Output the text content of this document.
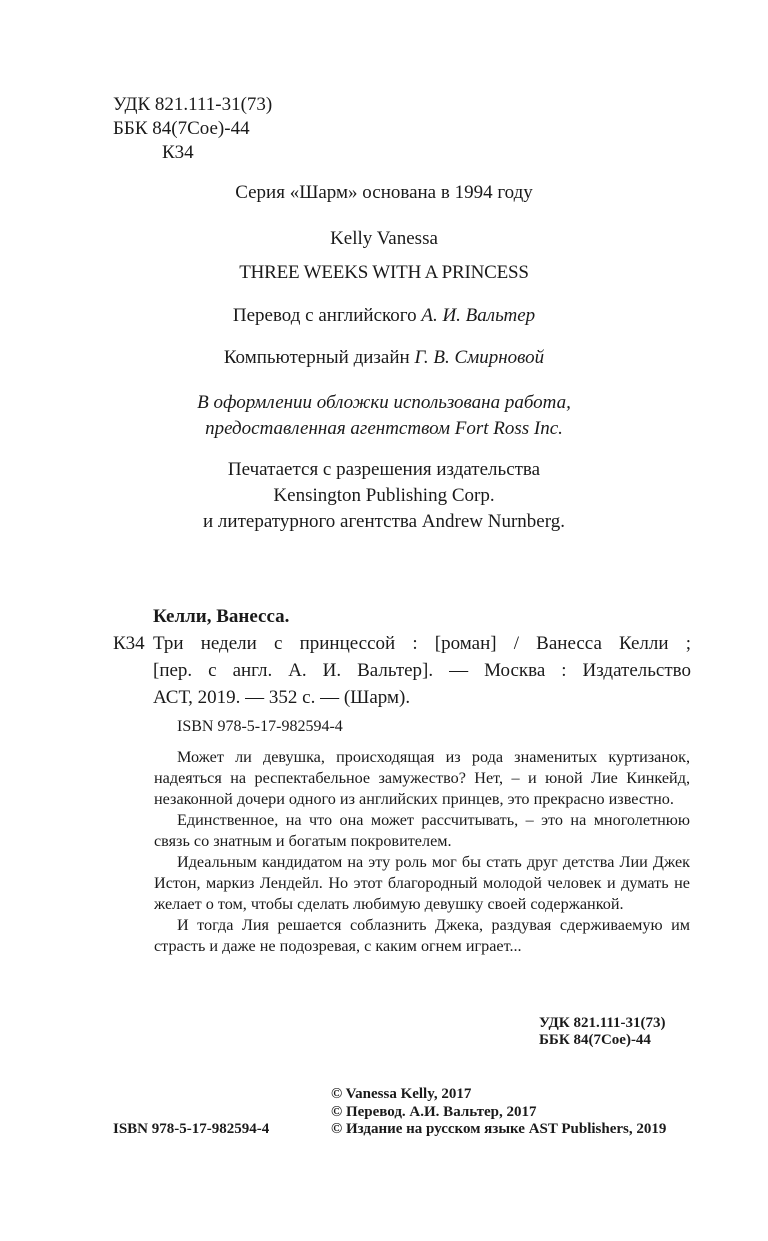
УДК 821.111-31(73)
ББК 84(7Сое)-44
К34
Серия «Шарм» основана в 1994 году
Kelly Vanessa
THREE WEEKS WITH A PRINCESS
Перевод с английского А. И. Вальтер
Компьютерный дизайн Г. В. Смирновой
В оформлении обложки использована работа,
предоставленная агентством Fort Ross Inc.
Печатается с разрешения издательства
Kensington Publishing Corp.
и литературного агентства Andrew Nurnberg.
Келли, Ванесса.
К34 Три недели с принцессой : [роман] / Ванесса Келли ;
[пер. с англ. А. И. Вальтер]. — Москва : Издательство
АСТ, 2019. — 352 с. — (Шарм).
ISBN 978-5-17-982594-4

Может ли девушка, происходящая из рода знаменитых куртизанок, надеяться на респектабельное замужество? Нет, – и юной Лие Кинкейд, незаконной дочери одного из английских принцев, это прекрасно известно.

Единственное, на что она может рассчитывать, – это на многолетнюю связь со знатным и богатым покровителем.

Идеальным кандидатом на эту роль мог бы стать друг детства Лии Джек Истон, маркиз Лендейл. Но этот благородный молодой человек и думать не желает о том, чтобы сделать любимую девушку своей содержанкой.

И тогда Лия решается соблазнить Джека, раздувая сдерживаемую им страсть и даже не подозревая, с каким огнем играет...

УДК 821.111-31(73)
ББК 84(7Сое)-44
© Vanessa Kelly, 2017
© Перевод. А.И. Вальтер, 2017
© Издание на русском языке AST Publishers, 2019
ISBN 978-5-17-982594-4
